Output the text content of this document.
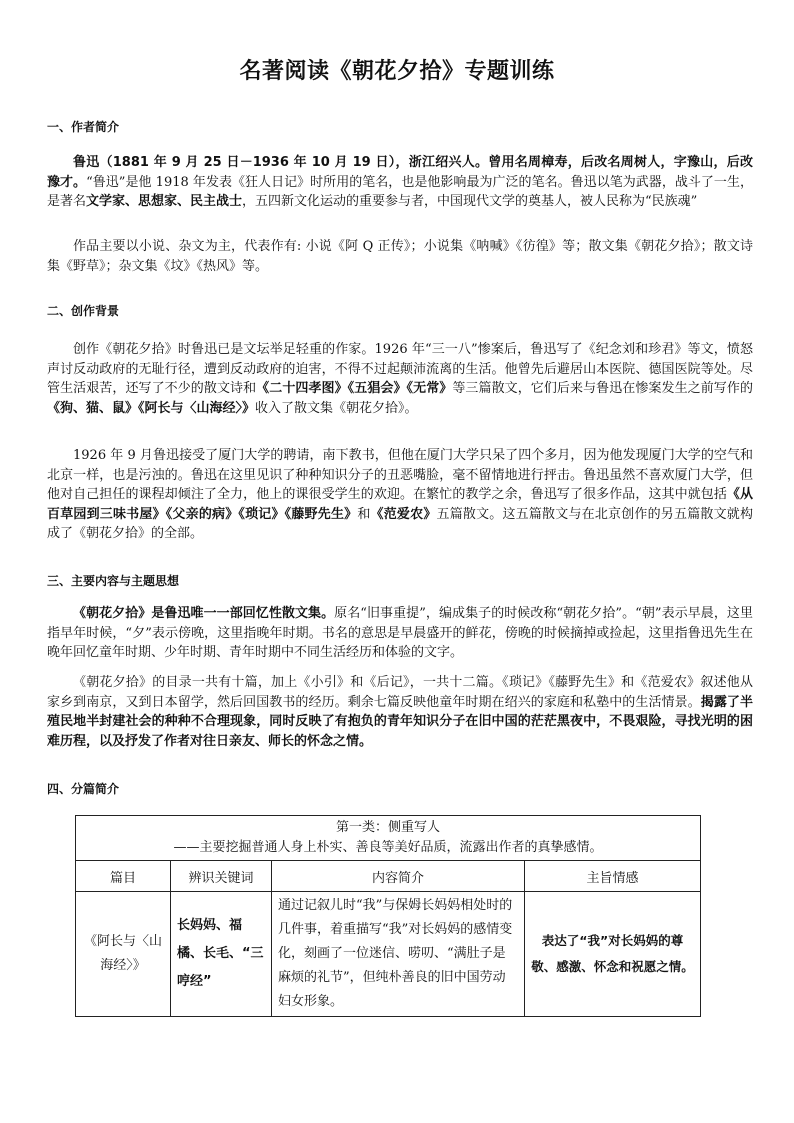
名著阅读《朝花夕拾》专题训练
一、作者简介

鲁迅（1881 年 9 月 25 日－1936 年 10 月 19 日），浙江绍兴人。曾用名周樟寿，后改名周树人，字豫山，后改豫才。“鲁迅”是他 1918 年发表《狂人日记》时所用的笔名，也是他影响最为广泛的笔名。鲁迅以笔为武器，战斗了一生，是著名文学家、思想家、民主战士，五四新文化运动的重要参与者，中国现代文学的奠基人，被人民称为“民族魂”

作品主要以小说、杂文为主，代表作有: 小说《阿 Q 正传》；小说集《呐喊》《彷徨》等；散文集《朝花夕拾》；散文诗集《野草》；杂文集《坟》《热风》等。

二、创作背景

创作《朝花夕拾》时鲁迅已是文坛举足轻重的作家。1926 年“三一八”惨案后，鲁迅写了《纪念刘和珍君》等文，愤怒声讨反动政府的无耻行径，遭到反动政府的迫害，不得不过起颠沛流离的生活。他曾先后避居山本医院、德国医院等处。尽管生活艰苦，还写了不少的散文诗和《二十四孝图》《五猖会》《无常》等三篇散文，它们后来与鲁迅在惨案发生之前写作的《狗、猫、鼠》《阿长与〈山海经〉》收入了散文集《朝花夕拾》。

1926 年 9 月鲁迅接受了厦门大学的聘请，南下教书，但他在厦门大学只呆了四个多月，因为他发现厦门大学的空气和北京一样，也是污浊的。鲁迅在这里见识了种种知识分子的丑恶嘴脸，毫不留情地进行抨击。鲁迅虽然不喜欢厦门大学，但他对自己担任的课程却倾注了全力，他上的课很受学生的欢迎。在繁忙的教学之余，鲁迅写了很多作品，这其中就包括《从百草园到三味书屋》《父亲的病》《琐记》《藤野先生》和《范爱农》五篇散文。这五篇散文与在北京创作的另五篇散文就构成了《朝花夕拾》的全部。

三、主要内容与主题思想

《朝花夕拾》是鲁迅唯一一部回忆性散文集。原名“旧事重提”，编成集子的时候改称“朝花夕拾”。“朝”表示早晨，这里指早年时候，“夕”表示傍晚，这里指晚年时期。书名的意思是早晨盛开的鲜花，傍晚的时候摘掉或捡起，这里指鲁迅先生在晚年回忆童年时期、少年时期、青年时期中不同生活经历和体验的文字。

《朝花夕拾》的目录一共有十篇，加上《小引》和《后记》，一共十二篇。《琐记》《藤野先生》和《范爱农》叙述他从家乡到南京，又到日本留学，然后回国教书的经历。剩余七篇反映他童年时期在绍兴的家庭和私塾中的生活情景。揭露了半殖民地半封建社会的种种不合理现象，同时反映了有抱负的青年知识分子在旧中国的茫茫黑夜中，不畏艰险，寻找光明的困难历程，以及抒发了作者对往日亲友、师长的怀念之情。

四、分篇简介
第一类：侧重写人
——主要挖掘普通人身上朴实、善良等美好品质，流露出作者的真挚感情。			

篇目	辨识关键词	内容简介	主旨情感
《阿长与〈山海经〉》	长妈妈、福橘、长毛、“三哼经”	通过记叙儿时“我”与保姆长妈妈相处时的几件事，着重描写“我”对长妈妈的感情变化，刻画了一位迷信、唠叨、“满肚子是麻烦的礼节”，但纯朴善良的旧中国劳动妇女形象。	表达了“我”对长妈妈的尊敬、感激、怀念和祝愿之情。
